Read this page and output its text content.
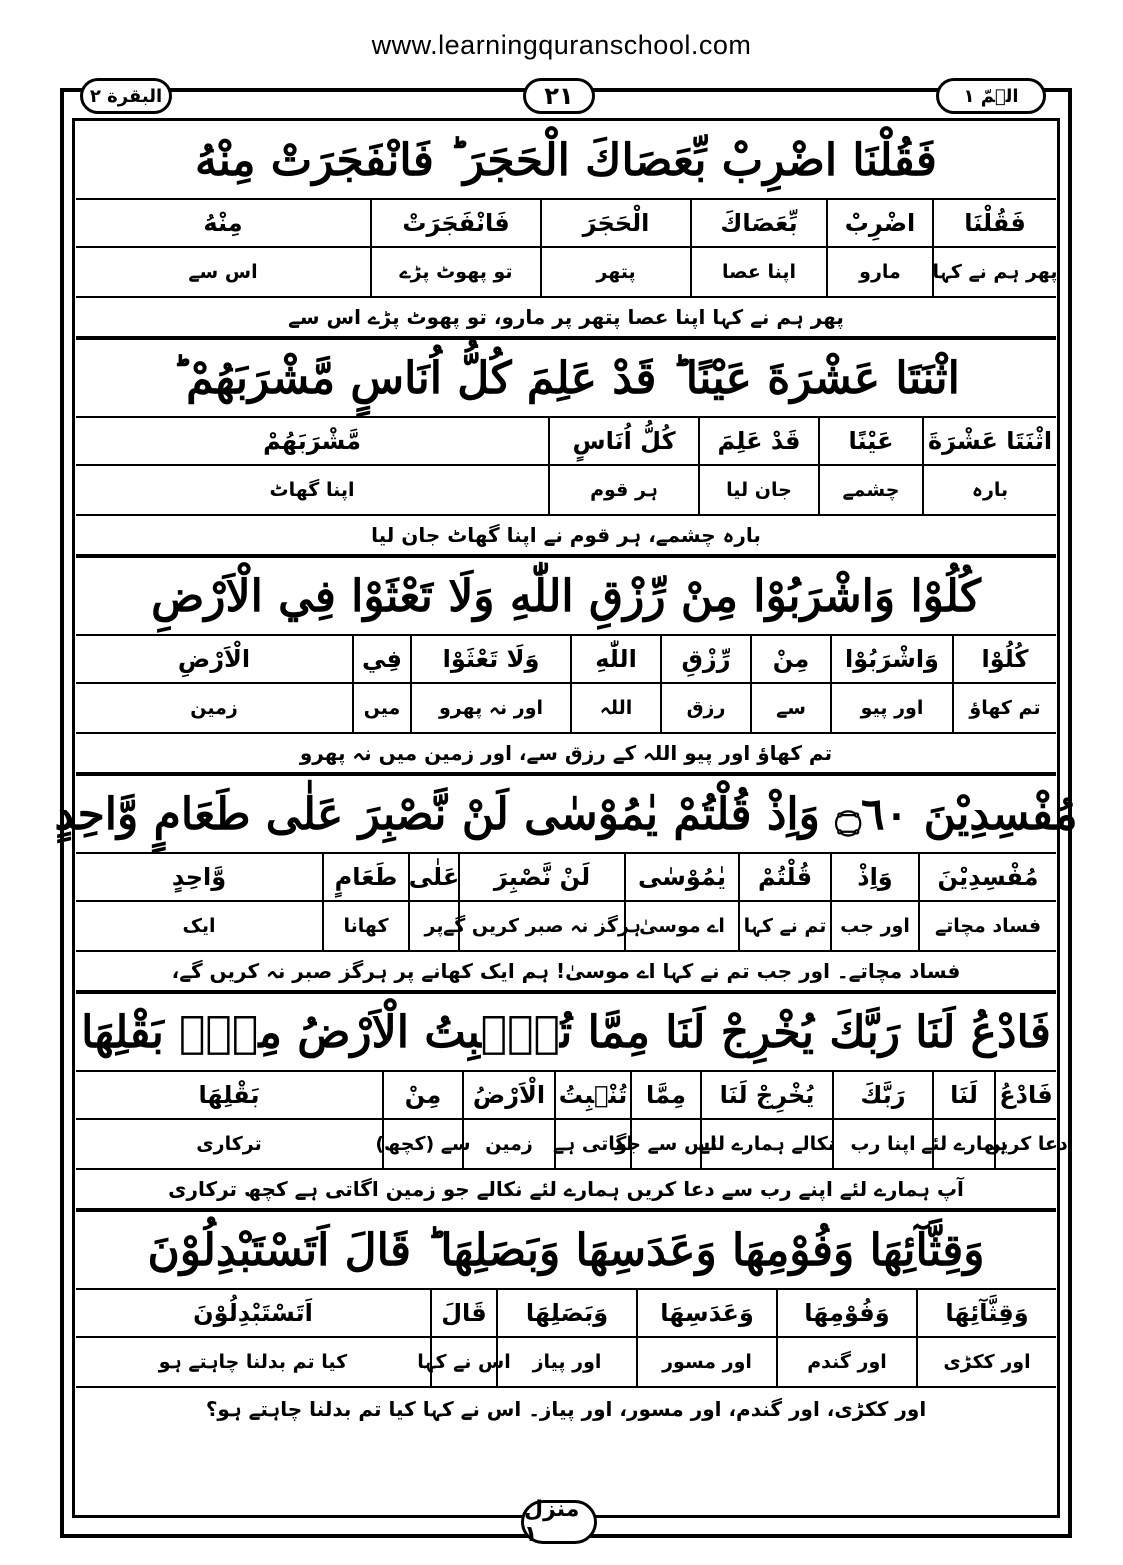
www.learningquranschool.com
البقرة ٢	٢١	الۗمّ ١
فَقُلْنَا اضْرِبْ بِّعَصَاكَ الْحَجَرَ ؕ فَانْفَجَرَتْ مِنْهُ
فَقُلْنَا
اضْرِبْ
بِّعَصَاكَ
الْحَجَرَ
فَانْفَجَرَتْ
مِنْهُ
پھر ہم نے کہا
مارو
اپنا عصا
پتھر
تو پھوٹ پڑے
اس سے
پھر ہم نے کہا اپنا عصا پتھر پر مارو، تو پھوٹ پڑے اس سے
اثْنَتَا عَشْرَةَ عَيْنًا ؕ قَدْ عَلِمَ كُلُّ اُنَاسٍ مَّشْرَبَهُمْ ؕ
اثْنَتَا عَشْرَةَ
عَيْنًا
قَدْ عَلِمَ
كُلُّ اُنَاسٍ
مَّشْرَبَهُمْ
بارہ
چشمے
جان لیا
ہر قوم
اپنا گھاٹ
بارہ چشمے، ہر قوم نے اپنا گھاٹ جان لیا
كُلُوْا وَاشْرَبُوْا مِنْ رِّزْقِ اللّٰهِ وَلَا تَعْثَوْا فِي الْاَرْضِ
كُلُوْا
وَاشْرَبُوْا
مِنْ
رِّزْقِ
اللّٰهِ
وَلَا تَعْثَوْا
فِي
الْاَرْضِ
تم کھاؤ
اور پیو
سے
رزق
اللہ
اور نہ پھرو
میں
زمین
تم کھاؤ اور پیو اللہ کے رزق سے، اور زمین میں نہ پھرو
مُفْسِدِيْنَ ۝٦٠ وَاِذْ قُلْتُمْ يٰمُوْسٰى لَنْ نَّصْبِرَ عَلٰى طَعَامٍ وَّاحِدٍ
مُفْسِدِيْنَ
وَاِذْ
قُلْتُمْ
يٰمُوْسٰى
لَنْ نَّصْبِرَ
عَلٰى
طَعَامٍ
وَّاحِدٍ
فساد مچاتے
اور جب
تم نے کہا
اے موسیٰ
ہرگز نہ صبر کریں گے
پر
کھانا
ایک
فساد مچاتے۔ اور جب تم نے کہا اے موسیٰ! ہم ایک کھانے پر ہرگز صبر نہ کریں گے،
فَادْعُ لَنَا رَبَّكَ يُخْرِجْ لَنَا مِمَّا تُنْۢبِتُ الْاَرْضُ مِنْۢ بَقْلِهَا
فَادْعُ
لَنَا
رَبَّكَ
يُخْرِجْ لَنَا
مِمَّا
تُنْۢبِتُ
الْاَرْضُ
مِنْ
بَقْلِهَا
دعا کریں
ہمارے لئے
اپنا رب
نکالے ہمارے لئے
اس سے جو
اگاتی ہے
زمین
سے (کچھ)
ترکاری
آپ ہمارے لئے اپنے رب سے دعا کریں ہمارے لئے نکالے جو زمین اگاتی ہے کچھ ترکاری
وَقِثَّآئِهَا وَفُوْمِهَا وَعَدَسِهَا وَبَصَلِهَا ؕ قَالَ اَتَسْتَبْدِلُوْنَ
وَقِثَّآئِهَا
وَفُوْمِهَا
وَعَدَسِهَا
وَبَصَلِهَا
قَالَ
اَتَسْتَبْدِلُوْنَ
اور ککڑی
اور گندم
اور مسور
اور پیاز
اس نے کہا
کیا تم بدلنا چاہتے ہو
اور ککڑی، اور گندم، اور مسور، اور پیاز۔ اس نے کہا کیا تم بدلنا چاہتے ہو؟
منزل ١
